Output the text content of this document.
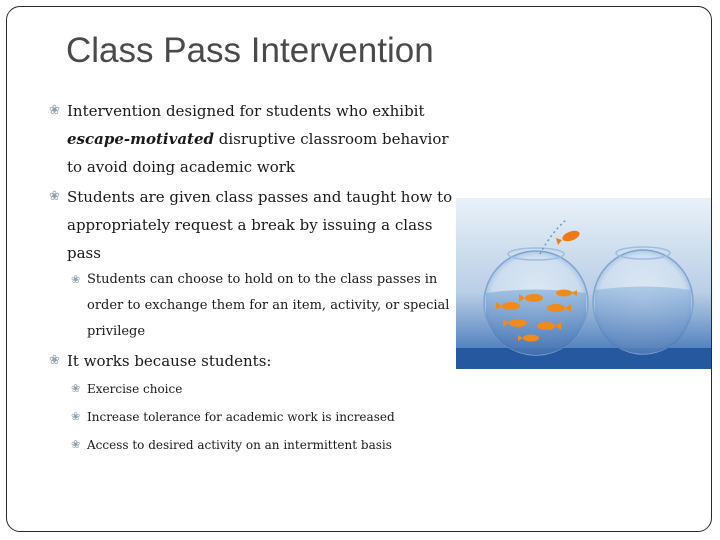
Class Pass Intervention
❀ Intervention designed for students who exhibit escape-motivated disruptive classroom behavior to avoid doing academic work
❀ Students are given class passes and taught how to appropriately request a break by issuing a class pass
❀ Students can choose to hold on to the class passes in order to exchange them for an item, activity, or special privilege
❀ It works because students:
❀ Exercise choice
❀ Increase tolerance for academic work is increased
❀ Access to desired activity on an intermittent basis
